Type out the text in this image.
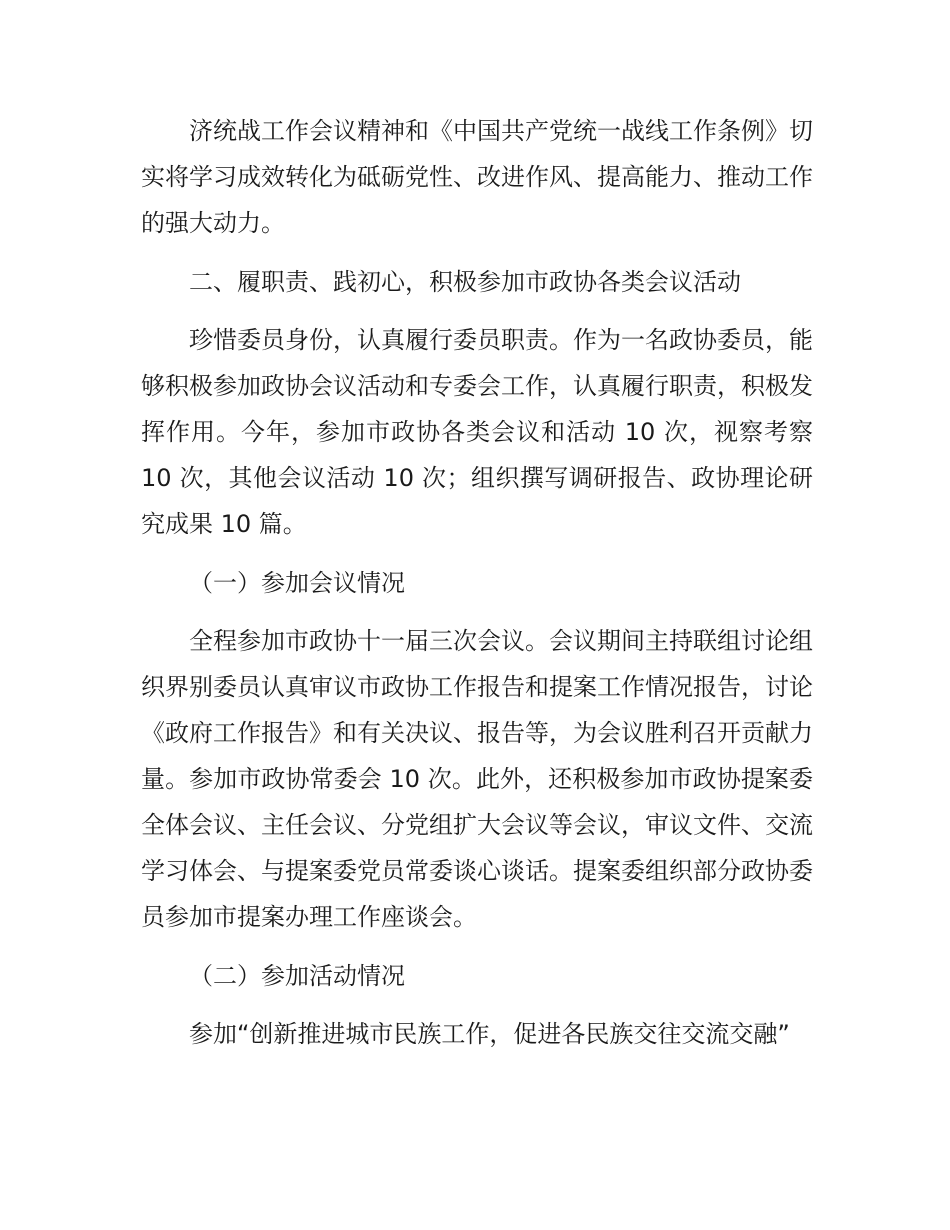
济统战工作会议精神和《中国共产党统一战线工作条例》切实将学习成效转化为砥砺党性、改进作风、提高能力、推动工作的强大动力。

二、履职责、践初心，积极参加市政协各类会议活动

珍惜委员身份，认真履行委员职责。作为一名政协委员，能够积极参加政协会议活动和专委会工作，认真履行职责，积极发挥作用。今年，参加市政协各类会议和活动 10 次，视察考察 10 次，其他会议活动 10 次；组织撰写调研报告、政协理论研究成果 10 篇。

（一）参加会议情况

全程参加市政协十一届三次会议。会议期间主持联组讨论组织界别委员认真审议市政协工作报告和提案工作情况报告，讨论《政府工作报告》和有关决议、报告等，为会议胜利召开贡献力量。参加市政协常委会 10 次。此外，还积极参加市政协提案委全体会议、主任会议、分党组扩大会议等会议，审议文件、交流学习体会、与提案委党员常委谈心谈话。提案委组织部分政协委员参加市提案办理工作座谈会。

（二）参加活动情况

参加“创新推进城市民族工作，促进各民族交往交流交融”
